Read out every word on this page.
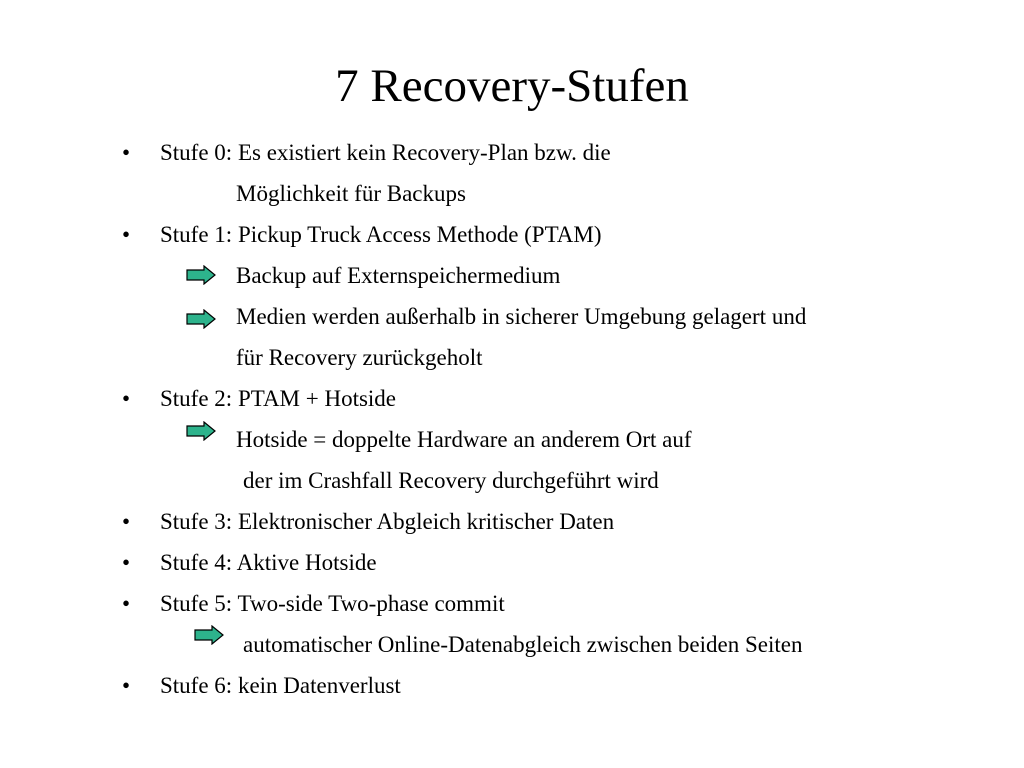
7 Recovery-Stufen
• Stufe 0: Es existiert kein Recovery-Plan bzw. die
Möglichkeit für Backups
• Stufe 1: Pickup Truck Access Methode (PTAM)
Backup auf Externspeichermedium
Medien werden außerhalb in sicherer Umgebung gelagert und
für Recovery zurückgeholt
• Stufe 2: PTAM + Hotside
Hotside = doppelte Hardware an anderem Ort auf
der im Crashfall Recovery durchgeführt wird
• Stufe 3: Elektronischer Abgleich kritischer Daten
• Stufe 4: Aktive Hotside
• Stufe 5: Two-side Two-phase commit
automatischer Online-Datenabgleich zwischen beiden Seiten
• Stufe 6: kein Datenverlust
